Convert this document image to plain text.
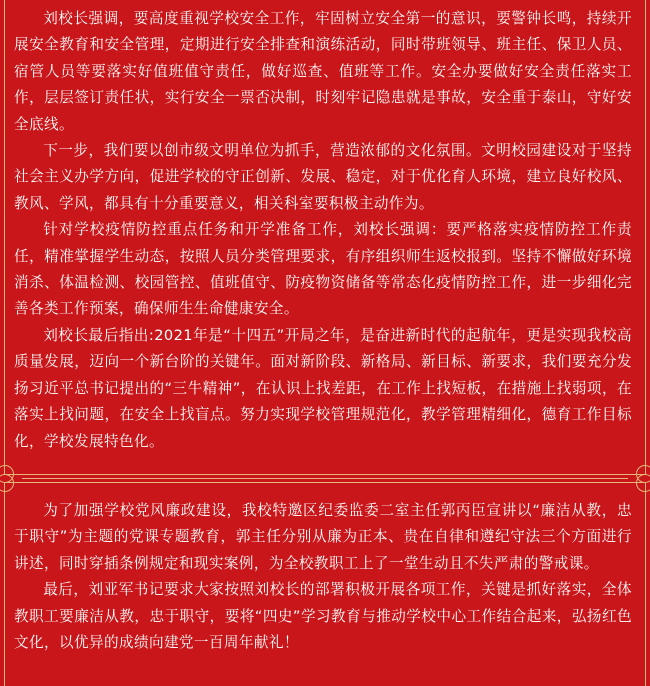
刘校长强调，要高度重视学校安全工作，牢固树立安全第一的意识，要警钟长鸣，持续开展安全教育和安全管理，定期进行安全排查和演练活动，同时带班领导、班主任、保卫人员、宿管人员等要落实好值班值守责任，做好巡查、值班等工作。安全办要做好安全责任落实工作，层层签订责任状，实行安全一票否决制，时刻牢记隐患就是事故，安全重于泰山，守好安全底线。

下一步，我们要以创市级文明单位为抓手，营造浓郁的文化氛围。文明校园建设对于坚持社会主义办学方向，促进学校的守正创新、发展、稳定，对于优化育人环境，建立良好校风、教风、学风，都具有十分重要意义，相关科室要积极主动作为。

针对学校疫情防控重点任务和开学准备工作，刘校长强调：要严格落实疫情防控工作责任，精准掌握学生动态，按照人员分类管理要求，有序组织师生返校报到。坚持不懈做好环境消杀、体温检测、校园管控、值班值守、防疫物资储备等常态化疫情防控工作，进一步细化完善各类工作预案，确保师生生命健康安全。

刘校长最后指出:2021年是“十四五”开局之年，是奋进新时代的起航年，更是实现我校高质量发展，迈向一个新台阶的关键年。面对新阶段、新格局、新目标、新要求，我们要充分发扬习近平总书记提出的“三牛精神”，在认识上找差距，在工作上找短板，在措施上找弱项，在落实上找问题，在安全上找盲点。努力实现学校管理规范化，教学管理精细化，德育工作目标化，学校发展特色化。

为了加强学校党风廉政建设，我校特邀区纪委监委二室主任郭丙臣宣讲以“廉洁从教，忠于职守”为主题的党课专题教育，郭主任分别从廉为正本、贵在自律和遵纪守法三个方面进行讲述，同时穿插条例规定和现实案例，为全校教职工上了一堂生动且不失严肃的警戒课。

最后，刘亚军书记要求大家按照刘校长的部署积极开展各项工作，关键是抓好落实，全体教职工要廉洁从教，忠于职守，要将“四史”学习教育与推动学校中心工作结合起来，弘扬红色文化，以优异的成绩向建党一百周年献礼！
